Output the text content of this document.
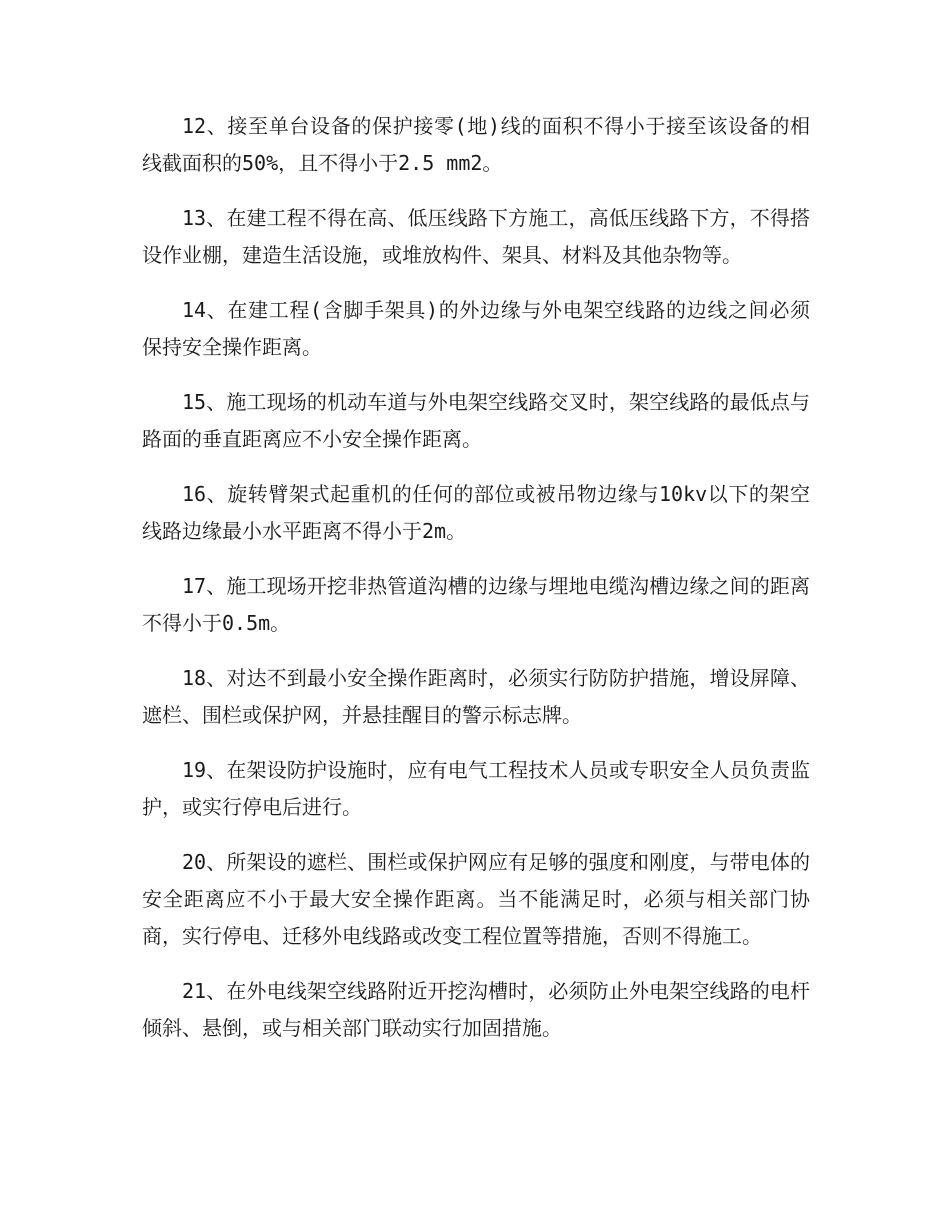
12、接至单台设备的保护接零(地)线的面积不得小于接至该设备的相线截面积的50%，且不得小于2.5 mm2。

13、在建工程不得在高、低压线路下方施工，高低压线路下方，不得搭设作业棚，建造生活设施，或堆放构件、架具、材料及其他杂物等。

14、在建工程(含脚手架具)的外边缘与外电架空线路的边线之间必须保持安全操作距离。

15、施工现场的机动车道与外电架空线路交叉时，架空线路的最低点与路面的垂直距离应不小安全操作距离。

16、旋转臂架式起重机的任何的部位或被吊物边缘与10kv以下的架空线路边缘最小水平距离不得小于2m。

17、施工现场开挖非热管道沟槽的边缘与埋地电缆沟槽边缘之间的距离不得小于0.5m。

18、对达不到最小安全操作距离时，必须实行防防护措施，增设屏障、遮栏、围栏或保护网，并悬挂醒目的警示标志牌。

19、在架设防护设施时，应有电气工程技术人员或专职安全人员负责监护，或实行停电后进行。

20、所架设的遮栏、围栏或保护网应有足够的强度和刚度，与带电体的安全距离应不小于最大安全操作距离。当不能满足时，必须与相关部门协商，实行停电、迁移外电线路或改变工程位置等措施，否则不得施工。

21、在外电线架空线路附近开挖沟槽时，必须防止外电架空线路的电杆倾斜、悬倒，或与相关部门联动实行加固措施。
